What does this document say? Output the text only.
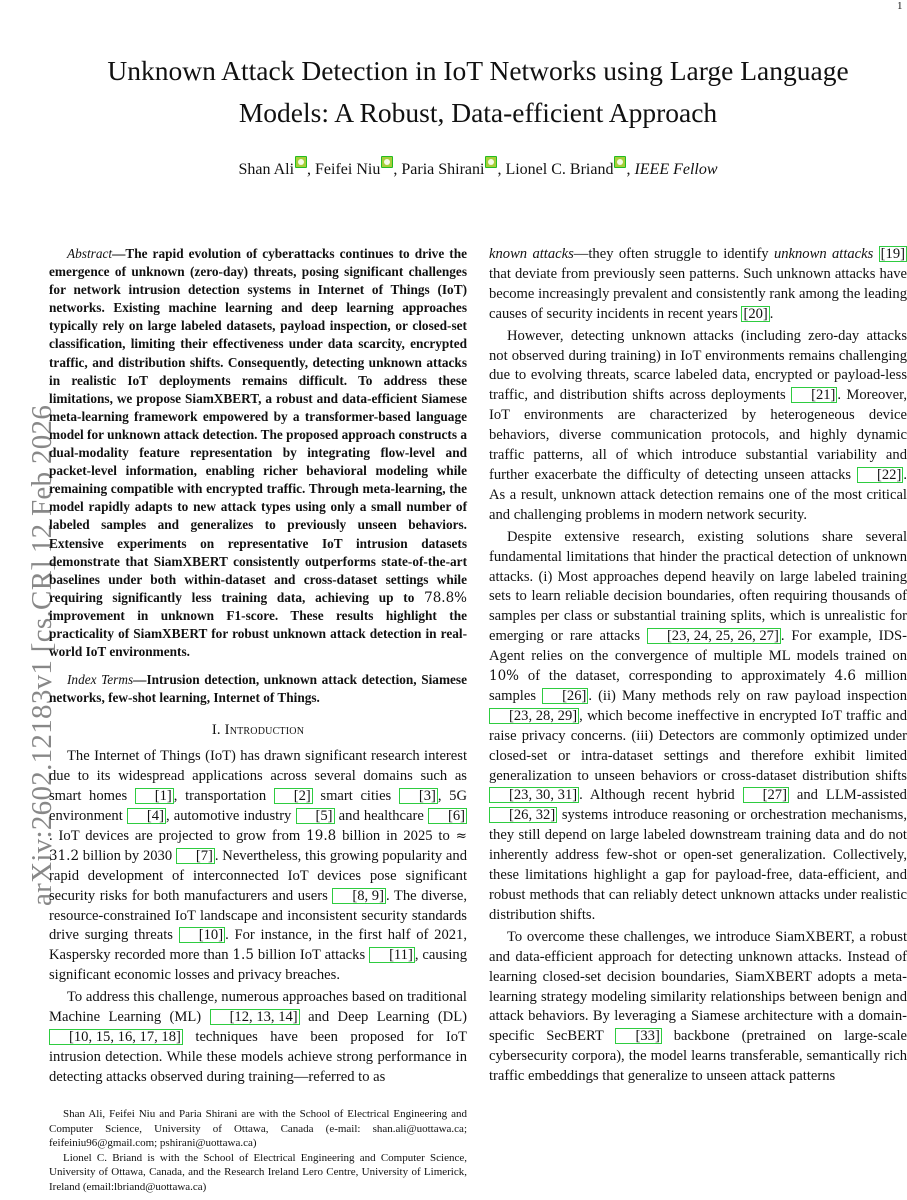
1
arXiv:2602.12183v1 [cs.CR] 12 Feb 2026
Unknown Attack Detection in IoT Networks using Large Language Models: A Robust, Data-efficient Approach
Shan Ali , Feifei Niu , Paria Shirani , Lionel C. Briand , IEEE Fellow

Abstract—The rapid evolution of cyberattacks continues to drive the emergence of unknown (zero-day) threats, posing significant challenges for network intrusion detection systems in Internet of Things (IoT) networks. Existing machine learning and deep learning approaches typically rely on large labeled datasets, payload inspection, or closed-set classification, limiting their effectiveness under data scarcity, encrypted traffic, and distribution shifts. Consequently, detecting unknown attacks in realistic IoT deployments remains difficult. To address these limitations, we propose SiamXBERT, a robust and data-efficient Siamese meta-learning framework empowered by a transformer-based language model for unknown attack detection. The proposed approach constructs a dual-modality feature representation by integrating flow-level and packet-level information, enabling richer behavioral modeling while remaining compatible with encrypted traffic. Through meta-learning, the model rapidly adapts to new attack types using only a small number of labeled samples and generalizes to previously unseen behaviors. Extensive experiments on representative IoT intrusion datasets demonstrate that SiamXBERT consistently outperforms state-of-the-art baselines under both within-dataset and cross-dataset settings while requiring significantly less training data, achieving up to 78.8% improvement in unknown F1-score. These results highlight the practicality of SiamXBERT for robust unknown attack detection in real-world IoT environments.

Index Terms—Intrusion detection, unknown attack detection, Siamese networks, few-shot learning, Internet of Things.

I. Introduction

The Internet of Things (IoT) has drawn significant research interest due to its widespread applications across several domains such as smart homes [1] , transportation [2] smart cities [3] , 5G environment [4] , automotive industry [5] and healthcare [6]. IoT devices are projected to grow from 19.8 billion in 2025 to ≈ 31.2 billion by 2030 [7] . Nevertheless, this growing popularity and rapid development of interconnected IoT devices pose significant security risks for both manufacturers and users [8, 9] . The diverse, resource-constrained IoT landscape and inconsistent security standards drive surging threats [10] . For instance, in the first half of 2021, Kaspersky recorded more than 1.5 billion IoT attacks [11] , causing significant economic losses and privacy breaches.

To address this challenge, numerous approaches based on traditional Machine Learning (ML) [12, 13, 14] and Deep Learning (DL) [10, 15, 16, 17, 18] techniques have been proposed for IoT intrusion detection. While these models achieve strong performance in detecting attacks observed during training—referred to as

known attacks—they often struggle to identify unknown attacks [19] that deviate from previously seen patterns. Such unknown attacks have become increasingly prevalent and consistently rank among the leading causes of security incidents in recent years [20] .

However, detecting unknown attacks (including zero-day attacks not observed during training) in IoT environments remains challenging due to evolving threats, scarce labeled data, encrypted or payload-less traffic, and distribution shifts across deployments [21] . Moreover, IoT environments are characterized by heterogeneous device behaviors, diverse communication protocols, and highly dynamic traffic patterns, all of which introduce substantial variability and further exacerbate the difficulty of detecting unseen attacks [22] . As a result, unknown attack detection remains one of the most critical and challenging problems in modern network security.

Despite extensive research, existing solutions share several fundamental limitations that hinder the practical detection of unknown attacks. (i) Most approaches depend heavily on large labeled training sets to learn reliable decision boundaries, often requiring thousands of samples per class or substantial training splits, which is unrealistic for emerging or rare attacks [23, 24, 25, 26, 27] . For example, IDS-Agent relies on the convergence of multiple ML models trained on 10% of the dataset, corresponding to approximately 4.6 million samples [26] . (ii) Many methods rely on raw payload inspection [23, 28, 29] , which become ineffective in encrypted IoT traffic and raise privacy concerns. (iii) Detectors are commonly optimized under closed-set or intra-dataset settings and therefore exhibit limited generalization to unseen behaviors or cross-dataset distribution shifts [23, 30, 31] . Although recent hybrid [27] and LLM-assisted [26, 32] systems introduce reasoning or orchestration mechanisms, they still depend on large labeled downstream training data and do not inherently address few-shot or open-set generalization. Collectively, these limitations highlight a gap for payload-free, data-efficient, and robust methods that can reliably detect unknown attacks under realistic distribution shifts.

To overcome these challenges, we introduce SiamXBERT, a robust and data-efficient approach for detecting unknown attacks. Instead of learning closed-set decision boundaries, SiamXBERT adopts a meta-learning strategy modeling similarity relationships between benign and attack behaviors. By leveraging a Siamese architecture with a domain-specific SecBERT [33] backbone (pretrained on large-scale cybersecurity corpora), the model learns transferable, semantically rich traffic embeddings that generalize to unseen attack patterns

Shan Ali, Feifei Niu and Paria Shirani are with the School of Electrical Engineering and Computer Science, University of Ottawa, Canada (e-mail: shan.ali@uottawa.ca; feifeiniu96@gmail.com; pshirani@uottawa.ca)

Lionel C. Briand is with the School of Electrical Engineering and Computer Science, University of Ottawa, Canada, and the Research Ireland Lero Centre, University of Limerick, Ireland (email:lbriand@uottawa.ca)
